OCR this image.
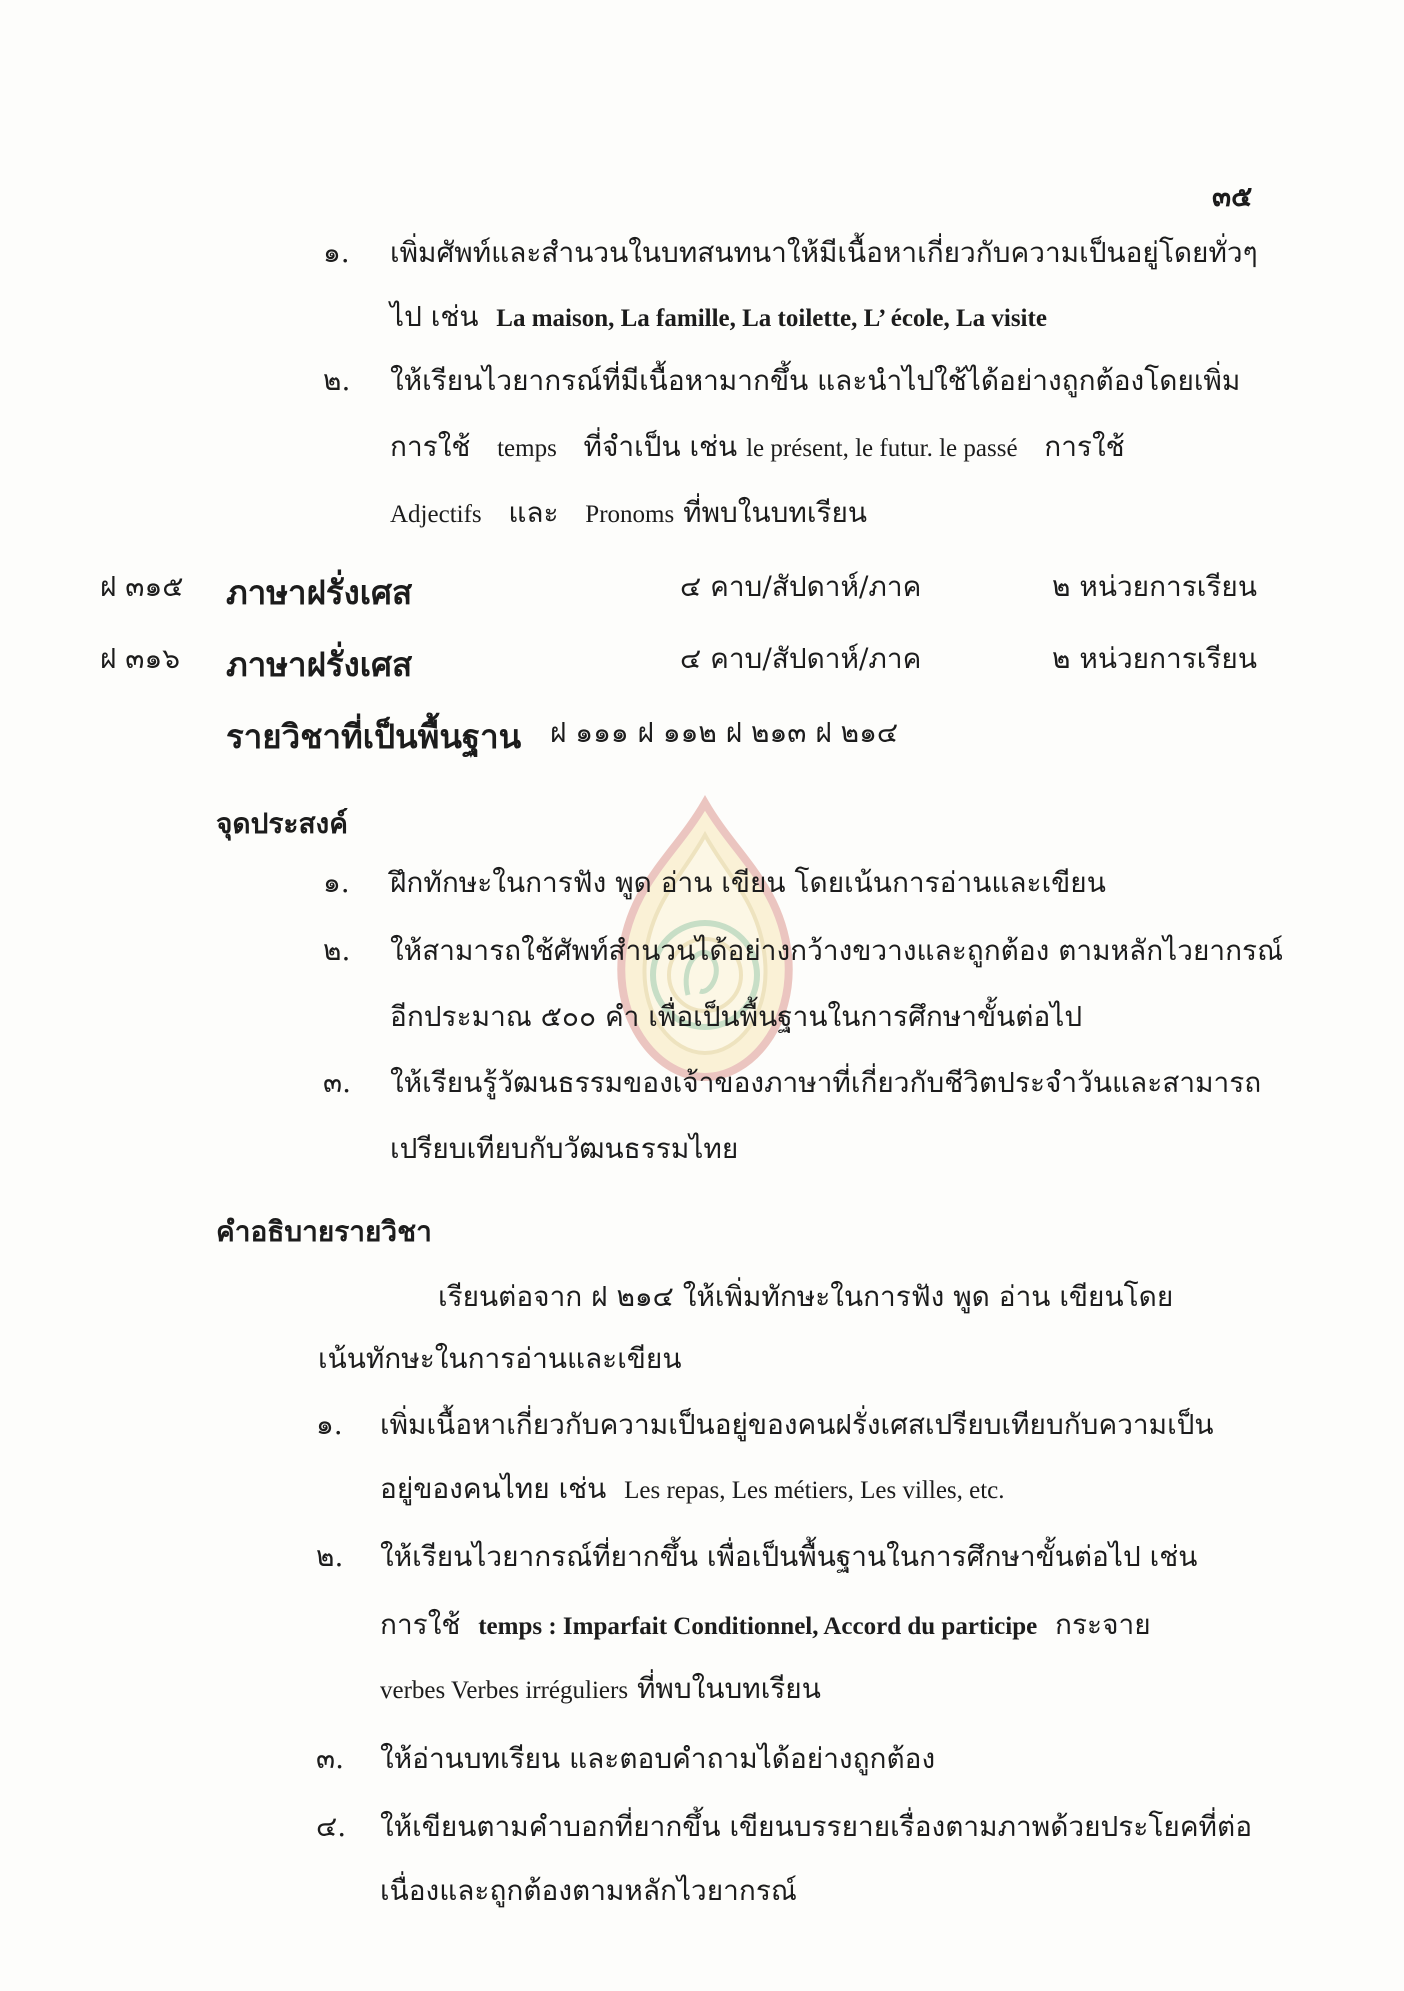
๓๕
๑. เพิ่มศัพท์และสำนวนในบทสนทนาให้มีเนื้อหาเกี่ยวกับความเป็นอยู่โดยทั่วๆ
ไป เช่น La maison, La famille, La toilette, L’ école, La visite
๒. ให้เรียนไวยากรณ์ที่มีเนื้อหามากขึ้น และนำไปใช้ได้อย่างถูกต้องโดยเพิ่ม
การใช้ temps ที่จำเป็น เช่น le présent, le futur. le passé การใช้
Adjectifs และ Pronoms ที่พบในบทเรียน
ฝ ๓๑๕ ภาษาฝรั่งเศส	๔ คาบ/สัปดาห์/ภาค	๒ หน่วยการเรียน
ฝ ๓๑๖ ภาษาฝรั่งเศส	๔ คาบ/สัปดาห์/ภาค	๒ หน่วยการเรียน
รายวิชาที่เป็นพื้นฐาน ฝ ๑๑๑ ฝ ๑๑๒ ฝ ๒๑๓ ฝ ๒๑๔
จุดประสงค์
๑. ฝึกทักษะในการฟัง พูด อ่าน เขียน โดยเน้นการอ่านและเขียน
๒. ให้สามารถใช้ศัพท์สำนวนได้อย่างกว้างขวางและถูกต้อง ตามหลักไวยากรณ์
อีกประมาณ ๕๐๐ คำ เพื่อเป็นพื้นฐานในการศึกษาขั้นต่อไป
๓. ให้เรียนรู้วัฒนธรรมของเจ้าของภาษาที่เกี่ยวกับชีวิตประจำวันและสามารถ
เปรียบเทียบกับวัฒนธรรมไทย
คำอธิบายรายวิชา
เรียนต่อจาก ฝ ๒๑๔ ให้เพิ่มทักษะในการฟัง พูด อ่าน เขียนโดย
เน้นทักษะในการอ่านและเขียน
๑. เพิ่มเนื้อหาเกี่ยวกับความเป็นอยู่ของคนฝรั่งเศสเปรียบเทียบกับความเป็น
อยู่ของคนไทย เช่น Les repas, Les métiers, Les villes, etc.
๒. ให้เรียนไวยากรณ์ที่ยากขึ้น เพื่อเป็นพื้นฐานในการศึกษาขั้นต่อไป เช่น
การใช้ temps : Imparfait Conditionnel, Accord du participe กระจาย
verbes Verbes irréguliers ที่พบในบทเรียน
๓. ให้อ่านบทเรียน และตอบคำถามได้อย่างถูกต้อง
๔. ให้เขียนตามคำบอกที่ยากขึ้น เขียนบรรยายเรื่องตามภาพด้วยประโยคที่ต่อ
เนื่องและถูกต้องตามหลักไวยากรณ์
